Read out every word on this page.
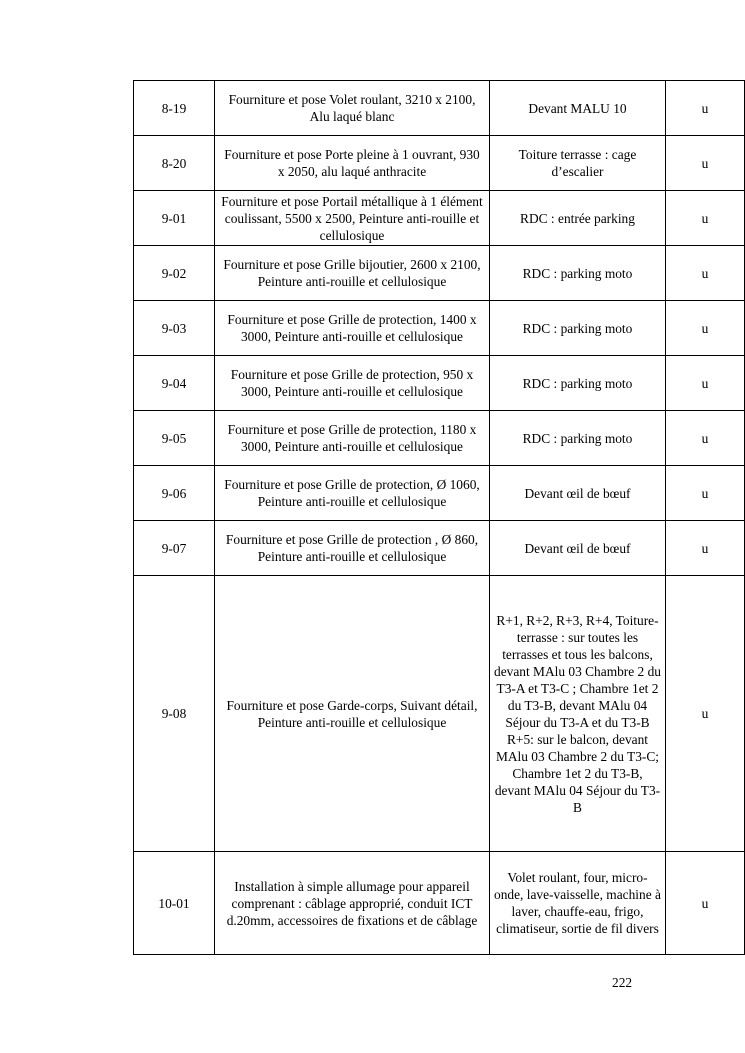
8-19	Fourniture et pose Volet roulant, 3210 x 2100, Alu laqué blanc	Devant MALU 10	u
8-20	Fourniture et pose Porte pleine à 1 ouvrant, 930 x 2050, alu laqué anthracite	Toiture terrasse : cage d’escalier	u
9-01	Fourniture et pose Portail métallique à 1 élément coulissant, 5500 x 2500, Peinture anti-rouille et cellulosique	RDC : entrée parking	u
9-02	Fourniture et pose Grille bijoutier, 2600 x 2100, Peinture anti-rouille et cellulosique	RDC : parking moto	u
9-03	Fourniture et pose Grille de protection, 1400 x 3000, Peinture anti-rouille et cellulosique	RDC : parking moto	u
9-04	Fourniture et pose Grille de protection, 950 x 3000, Peinture anti-rouille et cellulosique	RDC : parking moto	u
9-05	Fourniture et pose Grille de protection, 1180 x 3000, Peinture anti-rouille et cellulosique	RDC : parking moto	u
9-06	Fourniture et pose Grille de protection, Ø 1060, Peinture anti-rouille et cellulosique	Devant œil de bœuf	u
9-07	Fourniture et pose Grille de protection , Ø 860, Peinture anti-rouille et cellulosique	Devant œil de bœuf	u
9-08	Fourniture et pose Garde-corps, Suivant détail, Peinture anti-rouille et cellulosique	R+1, R+2, R+3, R+4, Toiture-terrasse : sur toutes les terrasses et tous les balcons, devant MAlu 03 Chambre 2 du T3-A et T3-C ; Chambre 1et 2 du T3-B, devant MAlu 04 Séjour du T3-A et du T3-B R+5: sur le balcon, devant MAlu 03 Chambre 2 du T3-C; Chambre 1et 2 du T3-B, devant MAlu 04 Séjour du T3-B	u
10-01	Installation à simple allumage pour appareil comprenant : câblage approprié, conduit ICT d.20mm, accessoires de fixations et de câblage	Volet roulant, four, micro-onde, lave-vaisselle, machine à laver, chauffe-eau, frigo, climatiseur, sortie de fil divers	u
222
